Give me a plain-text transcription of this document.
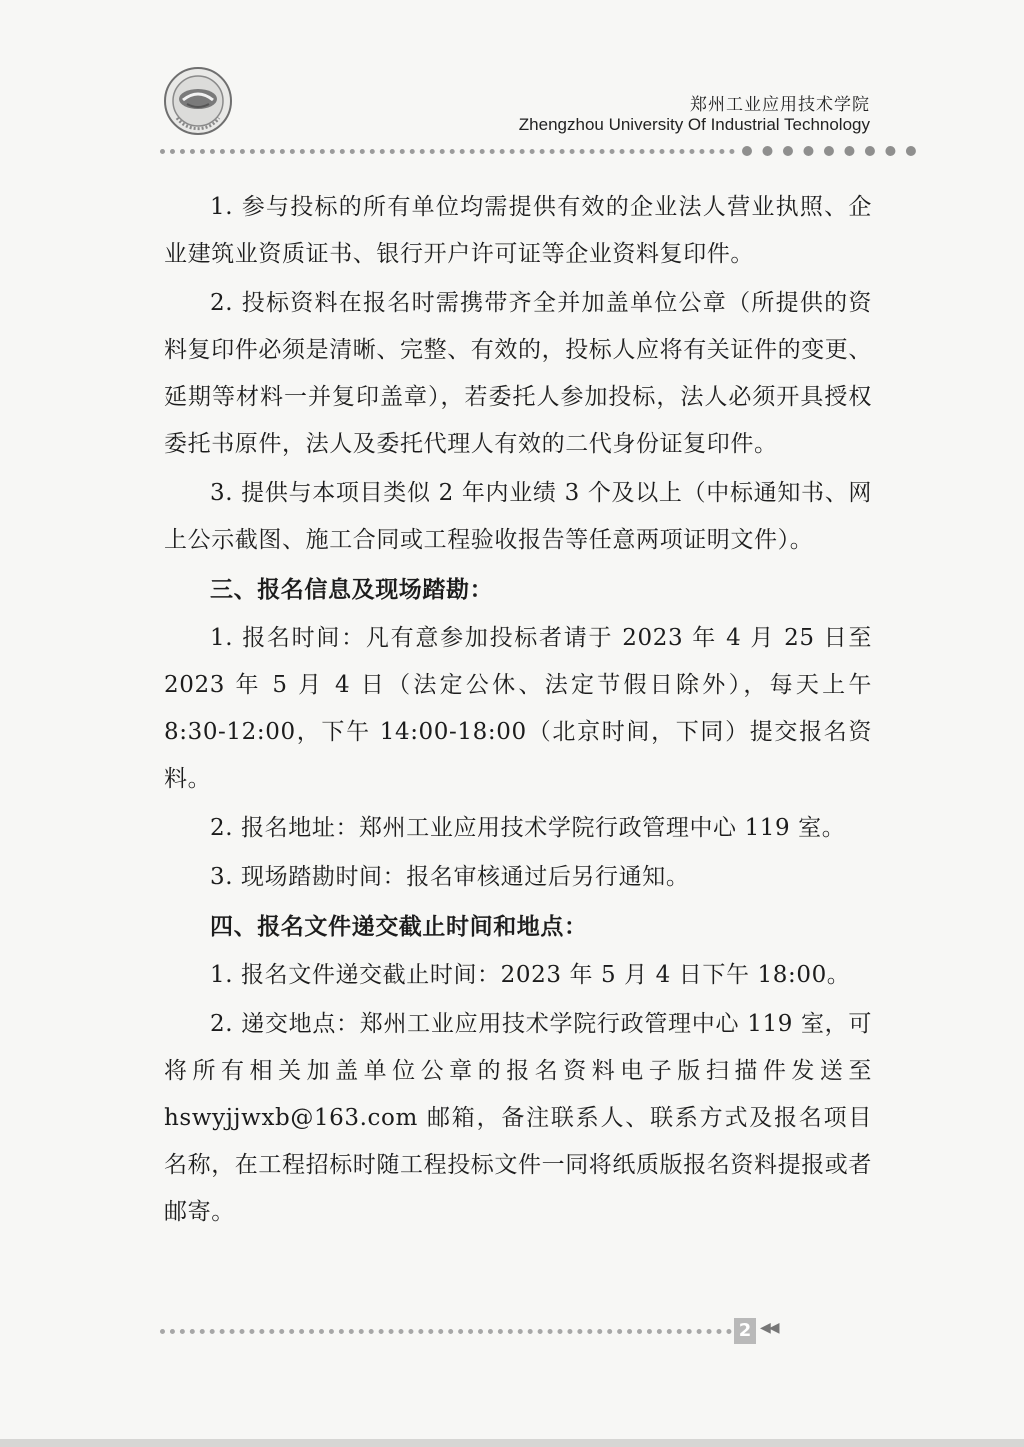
郑州工业应用技术学院
Zhengzhou University Of Industrial Technology

1. 参与投标的所有单位均需提供有效的企业法人营业执照、企业建筑业资质证书、银行开户许可证等企业资料复印件。

2. 投标资料在报名时需携带齐全并加盖单位公章（所提供的资料复印件必须是清晰、完整、有效的，投标人应将有关证件的变更、延期等材料一并复印盖章），若委托人参加投标，法人必须开具授权委托书原件，法人及委托代理人有效的二代身份证复印件。

3. 提供与本项目类似 2 年内业绩 3 个及以上（中标通知书、网上公示截图、施工合同或工程验收报告等任意两项证明文件）。

三、报名信息及现场踏勘：

1. 报名时间：凡有意参加投标者请于 2023 年 4 月 25 日至 2023 年 5 月 4 日（法定公休、法定节假日除外），每天上午 8:30-12:00，下午 14:00-18:00（北京时间，下同）提交报名资料。

2. 报名地址：郑州工业应用技术学院行政管理中心 119 室。

3. 现场踏勘时间：报名审核通过后另行通知。

四、报名文件递交截止时间和地点：

1. 报名文件递交截止时间：2023 年 5 月 4 日下午 18:00。

2. 递交地点：郑州工业应用技术学院行政管理中心 119 室，可将所有相关加盖单位公章的报名资料电子版扫描件发送至 hswyjjwxb@163.com 邮箱，备注联系人、联系方式及报名项目名称，在工程招标时随工程投标文件一同将纸质版报名资料提报或者邮寄。

2 ◀◀
